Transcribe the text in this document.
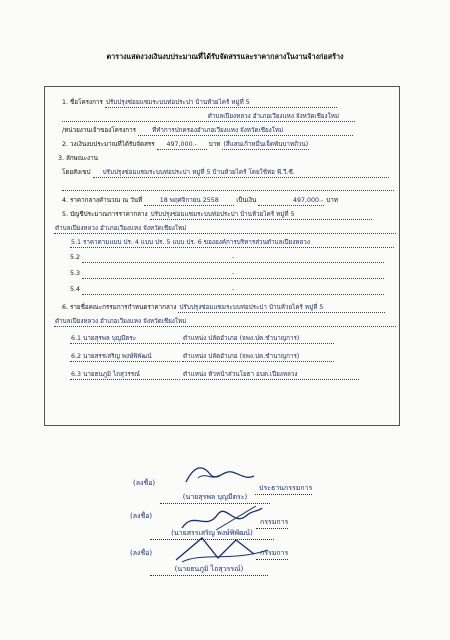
ตารางแสดงวงเงินงบประมาณที่ได้รับจัดสรรและราคากลางในงานจ้างก่อสร้าง
1. ชื่อโครงการ ปรับปรุงซ่อมแซมระบบท่อประปา บ้านห้วยไคร้ หมู่ที่ 5
ตำบลเปียงหลวง อำเภอเวียงแหง จังหวัดเชียงใหม่
/หน่วยงานเจ้าของโครงการ	ที่ทำการปกครองอำเภอเวียงแหง จังหวัดเชียงใหม่
2. วงเงินงบประมาณที่ได้รับจัดสรร 497,000.- บาท (สี่แสนเก้าหมื่นเจ็ดพันบาทถ้วน)
3. ลักษณะงาน
โดยสังเขป ปรับปรุงซ่อมแซมระบบท่อประปา หมู่ที่ 5 บ้านห้วยไคร้ โดยใช้ท่อ พี.วี.ซี.
4. ราคากลางคำนวณ ณ วันที่	18 พฤศจิกายน 2558	เป็นเงิน	497,000.- บาท
5. บัญชีประมาณการราคากลาง ปรับปรุงซ่อมแซมระบบท่อประปา บ้านห้วยไคร้ หมู่ที่ 5
ตำบลเปียงหลวง อำเภอเวียงแหง จังหวัดเชียงใหม่
5.1 ราคาตามแบบ ปร. 4 แบบ ปร. 5 แบบ ปร. 6 ขององค์การบริหารส่วนตำบลเปียงหลวง
5.2	-
5.3	-
5.4	-
6. รายชื่อคณะกรรมการกำหนดราคากลาง ปรับปรุงซ่อมแซมระบบท่อประปา บ้านห้วยไคร้ หมู่ที่ 5
ตำบลเปียงหลวง อำเภอเวียงแหง จังหวัดเชียงใหม่
6.1 นายสุรพล บุญมีตระ	ตำแหน่ง ปลัดอำเภอ (จพง.ปค.ชำนาญการ)
6.2 นายสรรเสริญ พงษ์พิพัฒน์	ตำแหน่ง ปลัดอำเภอ (จพง.ปค.ชำนาญการ)
6.3 นายธนภูมิ ไถสุวรรณ์	ตำแหน่ง หัวหน้าส่วนโยธา อบต.เปียงหลวง
(ลงชื่อ)
ประธานกรรมการ
(นายสุรพล บุญมีตระ)
(ลงชื่อ)
กรรมการ
(นายสรรเสริญ พงษ์พิพัฒน์)
(ลงชื่อ)	กรรมการ
(นายธนภูมิ ไถสุวรรณ์)
